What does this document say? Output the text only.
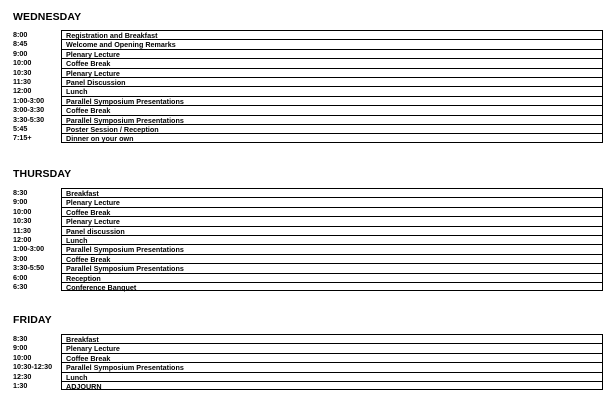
WEDNESDAY
8:00	Registration and Breakfast
8:45	Welcome and Opening Remarks
9:00	Plenary Lecture
10:00	Coffee Break
10:30	Plenary Lecture
11:30	Panel Discussion
12:00	Lunch
1:00-3:00	Parallel Symposium Presentations
3:00-3:30	Coffee Break
3:30-5:30	Parallel Symposium Presentations
5:45	Poster Session / Reception
7:15+	Dinner on your own
THURSDAY
8:30	Breakfast
9:00	Plenary Lecture
10:00	Coffee Break
10:30	Plenary Lecture
11:30	Panel discussion
12:00	Lunch
1:00-3:00	Parallel Symposium Presentations
3:00	Coffee Break
3:30-5:50	Parallel Symposium Presentations
6:00	Reception
6:30	Conference Banquet
FRIDAY
8:30	Breakfast
9:00	Plenary Lecture
10:00	Coffee Break
10:30-12:30	Parallel Symposium Presentations
12:30	Lunch
1:30	ADJOURN
